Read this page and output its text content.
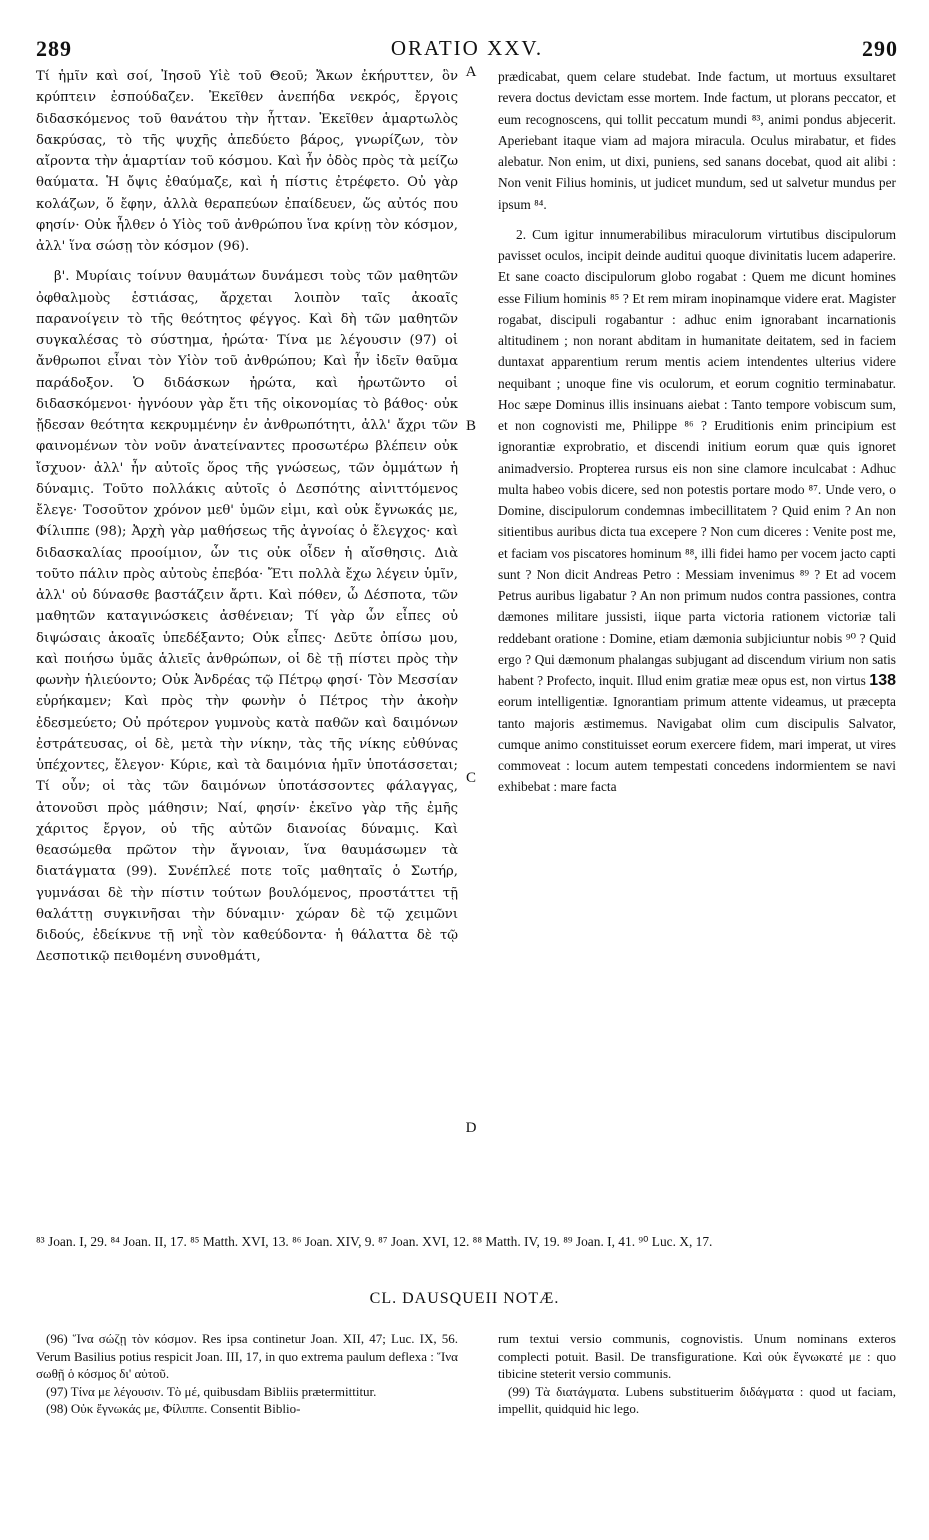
289	ORATIO XXV.	290
A
B
C
D

Τί ἡμῖν καὶ σοί, Ἰησοῦ Υἱὲ τοῦ Θεοῦ; Ἄκων ἐκήρυττεν, ὃν κρύπτειν ἐσπούδαζεν. Ἐκεῖθεν ἀνεπήδα νεκρός, ἔργοις διδασκόμενος τοῦ θανάτου τὴν ἧτταν. Ἐκεῖθεν ἁμαρτωλὸς δακρύσας, τὸ τῆς ψυχῆς ἀπεδύετο βάρος, γνωρίζων, τὸν αἴροντα τὴν ἁμαρτίαν τοῦ κόσμου. Καὶ ἦν ὁδὸς πρὸς τὰ μείζω θαύματα. Ἡ ὄψις ἐθαύμαζε, καὶ ἡ πίστις ἐτρέφετο. Οὐ γὰρ κολάζων, ὅ ἔφην, ἀλλὰ θεραπεύων ἐπαίδευεν, ὥς αὐτός που φησίν· Οὐκ ἦλθεν ὁ Υἱὸς τοῦ ἀνθρώπου ἵνα κρίνῃ τὸν κόσμον, ἀλλ' ἵνα σώσῃ τὸν κόσμον (96).

β'. Μυρίαις τοίνυν θαυμάτων δυνάμεσι τοὺς τῶν μαθητῶν ὀφθαλμοὺς ἑστιάσας, ἄρχεται λοιπὸν ταῖς ἀκοαῖς παρανοίγειν τὸ τῆς θεότητος φέγγος. Καὶ δὴ τῶν μαθητῶν συγκαλέσας τὸ σύστημα, ἠρώτα· Τίνα με λέγουσιν (97) οἱ ἄνθρωποι εἶναι τὸν Υἱὸν τοῦ ἀνθρώπου; Καὶ ἦν ἰδεῖν θαῦμα παράδοξον. Ὁ διδάσκων ἠρώτα, καὶ ἠρωτῶντο οἱ διδασκόμενοι· ἠγνόουν γὰρ ἔτι τῆς οἰκονομίας τὸ βάθος· οὐκ ᾔδεσαν θεότητα κεκρυμμένην ἐν ἀνθρωπότητι, ἀλλ' ἄχρι τῶν φαινομένων τὸν νοῦν ἀνατείναντες προσωτέρω βλέπειν οὐκ ἴσχυον· ἀλλ' ἦν αὐτοῖς ὅρος τῆς γνώσεως, τῶν ὀμμάτων ἡ δύναμις. Τοῦτο πολλάκις αὐτοῖς ὁ Δεσπότης αἰνιττόμενος ἔλεγε· Τοσοῦτον χρόνον μεθ' ὑμῶν εἰμι, καὶ οὐκ ἔγνωκάς με, Φίλιππε (98); Ἀρχὴ γὰρ μαθήσεως τῆς ἀγνοίας ὁ ἔλεγχος· καὶ διδασκαλίας προοίμιον, ὧν τις οὐκ οἶδεν ἡ αἴσθησις. Διὰ τοῦτο πάλιν πρὸς αὐτοὺς ἐπεβόα· Ἔτι πολλὰ ἔχω λέγειν ὑμῖν, ἀλλ' οὐ δύνασθε βαστάζειν ἄρτι. Καὶ πόθεν, ὦ Δέσποτα, τῶν μαθητῶν καταγινώσκεις ἀσθένειαν; Τί γὰρ ὧν εἶπες οὐ διψώσαις ἀκοαῖς ὑπεδέξαντο; Οὐκ εἶπες· Δεῦτε ὀπίσω μου, καὶ ποιήσω ὑμᾶς ἁλιεῖς ἀνθρώπων, οἱ δὲ τῇ πίστει πρὸς τὴν φωνὴν ἡλιεύοντο; Οὐκ Ἀνδρέας τῷ Πέτρῳ φησί· Τὸν Μεσσίαν εὑρήκαμεν; Καὶ πρὸς τὴν φωνὴν ὁ Πέτρος τὴν ἀκοὴν ἐδεσμεύετο; Οὐ πρότερον γυμνοὺς κατὰ παθῶν καὶ δαιμόνων ἐστράτευσας, οἱ δὲ, μετὰ τὴν νίκην, τὰς τῆς νίκης εὐθύνας ὑπέχοντες, ἔλεγον· Κύριε, καὶ τὰ δαιμόνια ἡμῖν ὑποτάσσεται; Τί οὖν; οἱ τὰς τῶν δαιμόνων ὑποτάσσοντες φάλαγγας, ἀτονοῦσι πρὸς μάθησιν; Ναί, φησίν· ἐκεῖνο γὰρ τῆς ἐμῆς χάριτος ἔργον, οὐ τῆς αὐτῶν διανοίας δύναμις. Καὶ θεασώμεθα πρῶτον τὴν ἄγνοιαν, ἵνα θαυμάσωμεν τὰ διατάγματα (99). Συνέπλεέ ποτε τοῖς μαθηταῖς ὁ Σωτήρ, γυμνάσαι δὲ τὴν πίστιν τούτων βουλόμενος, προστάττει τῇ θαλάττῃ συγκινῆσαι τὴν δύναμιν· χώραν δὲ τῷ χειμῶνι διδούς, ἐδείκνυε τῇ νηῒ τὸν καθεύδοντα· ἡ θάλαττα δὲ τῷ Δεσποτικῷ πειθομένη συνοθμάτι,

prædicabat, quem celare studebat. Inde factum, ut mortuus exsultaret revera doctus devictam esse mortem. Inde factum, ut plorans peccator, et eum recognoscens, qui tollit peccatum mundi ⁸³, animi pondus abjecerit. Aperiebant itaque viam ad majora miracula. Oculus mirabatur, et fides alebatur. Non enim, ut dixi, puniens, sed sanans docebat, quod ait alibi : Non venit Filius hominis, ut judicet mundum, sed ut salvetur mundus per ipsum ⁸⁴.

2. Cum igitur innumerabilibus miraculorum virtutibus discipulorum pavisset oculos, incipit deinde auditui quoque divinitatis lucem adaperire. Et sane coacto discipulorum globo rogabat : Quem me dicunt homines esse Filium hominis ⁸⁵ ? Et rem miram inopinamque videre erat. Magister rogabat, discipuli rogabantur : adhuc enim ignorabant incarnationis altitudinem ; non norant abditam in humanitate deitatem, sed in faciem duntaxat apparentium rerum mentis aciem intendentes ulterius videre nequibant ; unoque fine vis oculorum, et eorum cognitio terminabatur. Hoc sæpe Dominus illis insinuans aiebat : Tanto tempore vobiscum sum, et non cognovisti me, Philippe ⁸⁶ ? Eruditionis enim principium est ignorantiæ exprobratio, et discendi initium eorum quæ quis ignoret animadversio. Propterea rursus eis non sine clamore inculcabat : Adhuc multa habeo vobis dicere, sed non potestis portare modo ⁸⁷. Unde vero, o Domine, discipulorum condemnas imbecillitatem ? Quid enim ? An non sitientibus auribus dicta tua excepere ? Non cum diceres : Venite post me, et faciam vos piscatores hominum ⁸⁸, illi fidei hamo per vocem jacto capti sunt ? Non dicit Andreas Petro : Messiam invenimus ⁸⁹ ? Et ad vocem Petrus auribus ligabatur ? An non primum nudos contra passiones, contra dæmones militare jussisti, iique parta victoria rationem victoriæ tali reddebant oratione : Domine, etiam dæmonia subjiciuntur nobis ⁹⁰ ? Quid ergo ? Qui dæmonum phalangas subjugant ad discendum virium non satis habent ? Profecto, inquit. Illud enim gratiæ meæ opus est, non virtus 138 eorum intelligentiæ. Ignorantiam primum attente videamus, ut præcepta tanto majoris æstimemus. Navigabat olim cum discipulis Salvator, cumque animo constituisset eorum exercere fidem, mari imperat, ut vires commoveat : locum autem tempestati concedens indormientem se navi exhibebat : mare facta

⁸³ Joan. I, 29. ⁸⁴ Joan. II, 17. ⁸⁵ Matth. XVI, 13. ⁸⁶ Joan. XIV, 9. ⁸⁷ Joan. XVI, 12. ⁸⁸ Matth. IV, 19. ⁸⁹ Joan. I, 41. ⁹⁰ Luc. X, 17.
CL. DAUSQUEII NOTÆ.

(96) Ἵνα σώζῃ τὸν κόσμον. Res ipsa continetur Joan. XII, 47; Luc. IX, 56. Verum Basilius potius respicit Joan. III, 17, in quo extrema paulum deflexa : Ἵνα σωθῇ ὁ κόσμος δι' αὐτοῦ.

(97) Τίνα με λέγουσιν. Τὸ μέ, quibusdam Bibliis prætermittitur.

(98) Οὐκ ἔγνωκάς με, Φίλιππε. Consentit Biblio-

rum textui versio communis, cognovistis. Unum nominans exteros complecti potuit. Basil. De transfiguratione. Καὶ οὐκ ἔγνωκατέ με : quo tibicine steterit versio communis.

(99) Τὰ διατάγματα. Lubens substituerim διδάγματα : quod ut faciam, impellit, quidquid hic legο.
